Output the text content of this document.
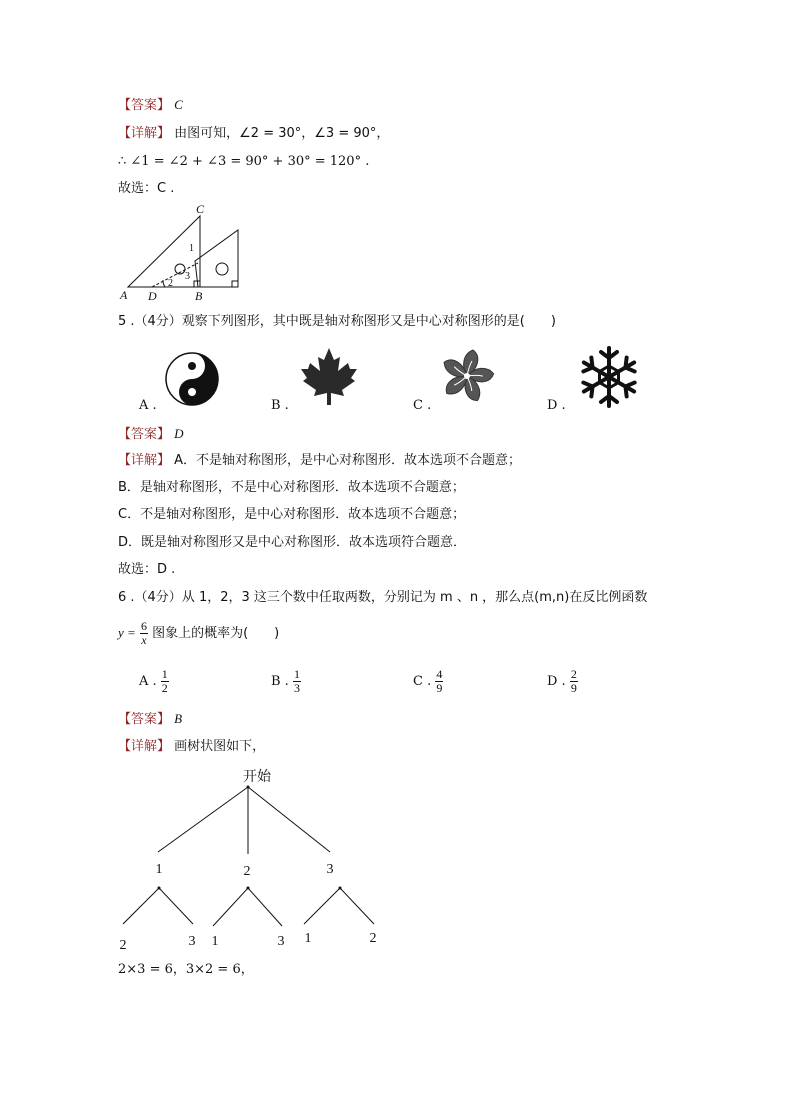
【答案】 C
【详解】 由图可知，∠2 = 30°，∠3 = 90°，
∴ ∠1 = ∠2 + ∠3 = 90° + 30° = 120° .
故选：C .
C
A D	B
1
2
3
5 .（4分）观察下列图形，其中既是轴对称图形又是中心对称图形的是(　　)
A .	B .	C .	D .
【答案】 D
【详解】 A．不是轴对称图形，是中心对称图形．故本选项不合题意；
B．是轴对称图形，不是中心对称图形．故本选项不合题意；
C．不是轴对称图形，是中心对称图形．故本选项不合题意；
D．既是轴对称图形又是中心对称图形．故本选项符合题意．
故选：D .
6 .（4分）从 1，2，3 这三个数中任取两数，分别记为 m 、n ，那么点(m,n)在反比例函数
$y = \frac{6}{x}$ 图象上的概率为(　　)
A . $\frac{1}{2}$	B . $\frac{1}{3}$	C . $\frac{4}{9}$	D . $\frac{2}{9}$
【答案】 B
【详解】 画树状图如下，
开始
1	2	3
2	3 1	3 1	2
2×3 = 6，3×2 = 6，
